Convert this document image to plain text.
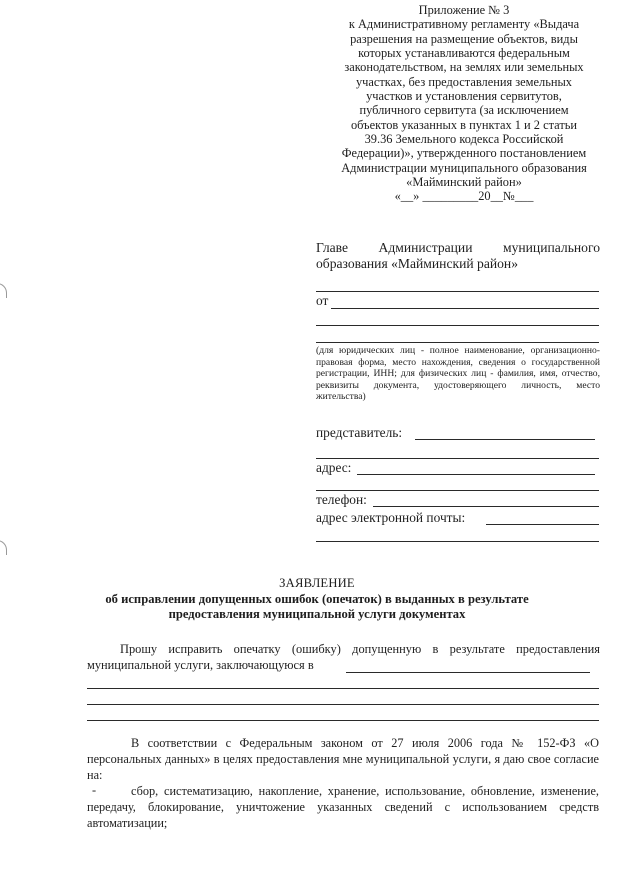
Приложение № 3
к Административному регламенту «Выдача
разрешения на размещение объектов, виды
которых устанавливаются федеральным
законодательством, на землях или земельных
участках, без предоставления земельных
участков и установления сервитутов,
публичного сервитута (за исключением
объектов указанных в пунктах 1 и 2 статьи
39.36 Земельного кодекса Российской
Федерации)», утвержденного постановлением
Администрации муниципального образования
«Майминский район»
«__» _________20__№___
Главе Администрации муниципального
образования «Майминский район»
от
(для юридических лиц - полное наименование, организационно-правовая форма, место нахождения, сведения о государственной регистрации, ИНН; для физических лиц - фамилия, имя, отчество, реквизиты документа, удостоверяющего личность, место жительства)
представитель:
адрес:
телефон:
адрес электронной почты:
ЗАЯВЛЕНИЕ
об исправлении допущенных ошибок (опечаток) в выданных в результате
предоставления муниципальной услуги документах
Прошу исправить опечатку (ошибку) допущенную в результате предоставления
муниципальной услуги, заключающуюся в
В соответствии с Федеральным законом от 27 июля 2006 года № 152-ФЗ «О персональных данных» в целях предоставления мне муниципальной услуги, я даю свое согласие на:
-	сбор, систематизацию, накопление, хранение, использование, обновление, изменение, передачу, блокирование, уничтожение указанных сведений с использованием средств автоматизации;
